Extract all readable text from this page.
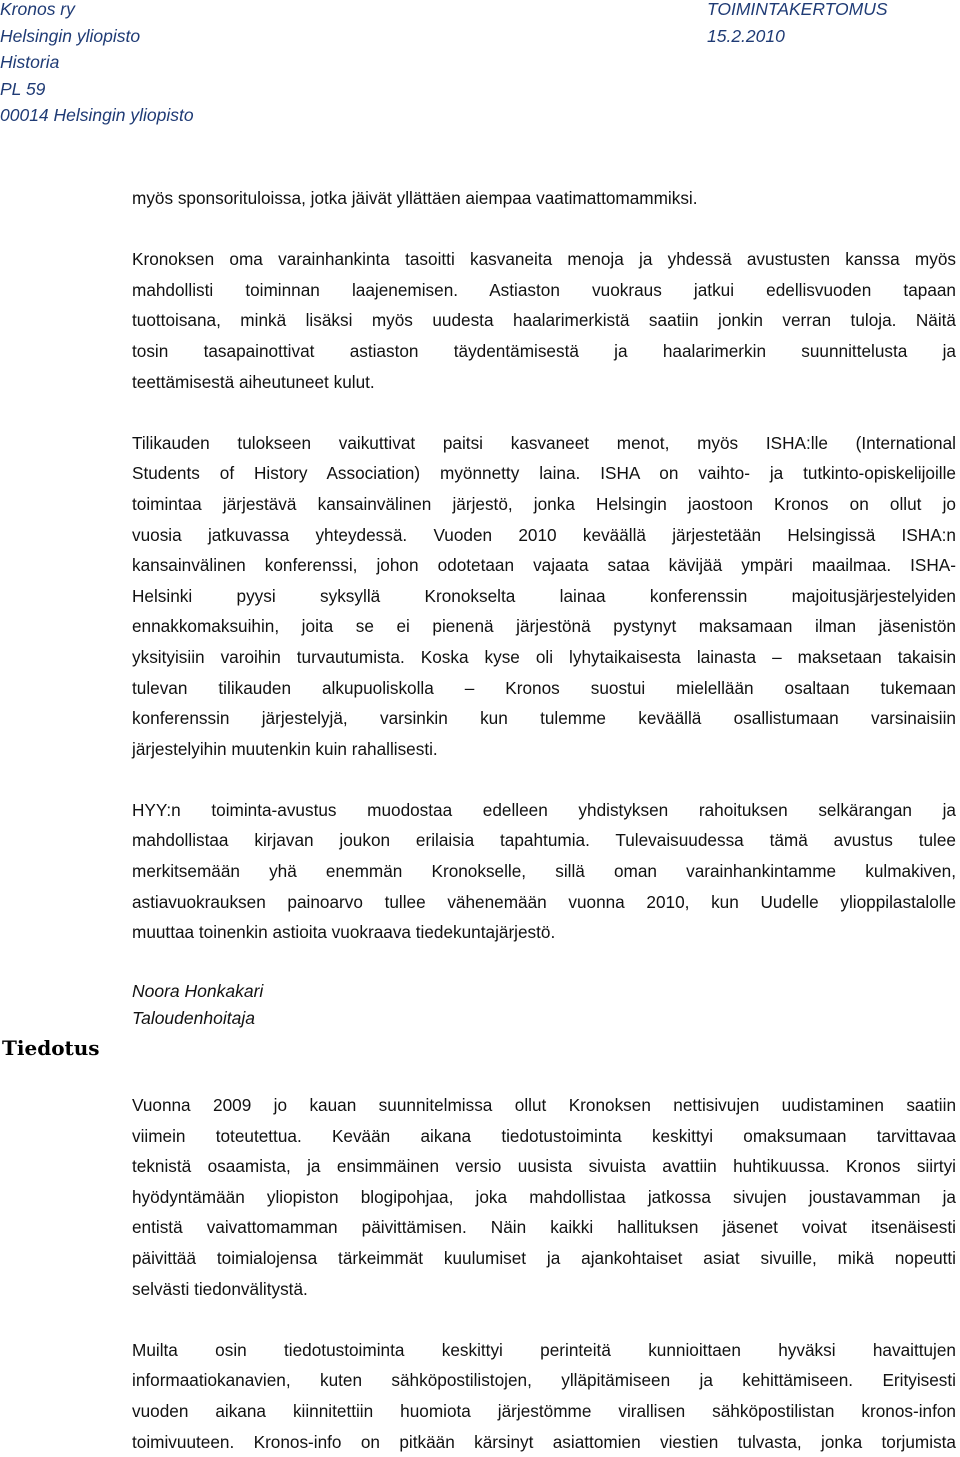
Kronos ry
Helsingin yliopisto
Historia
PL 59
00014 Helsingin yliopisto
TOIMINTAKERTOMUS
15.2.2010
myös sponsorituloissa, jotka jäivät yllättäen aiempaa vaatimattomammiksi.
Kronoksen oma varainhankinta tasoitti kasvaneita menoja ja yhdessä avustusten kanssa myös
mahdollisti toiminnan laajenemisen. Astiaston vuokraus jatkui edellisvuoden tapaan
tuottoisana, minkä lisäksi myös uudesta haalarimerkistä saatiin jonkin verran tuloja. Näitä
tosin tasapainottivat astiaston täydentämisestä ja haalarimerkin suunnittelusta ja
teettämisestä aiheutuneet kulut.
Tilikauden tulokseen vaikuttivat paitsi kasvaneet menot, myös ISHA:lle (International
Students of History Association) myönnetty laina. ISHA on vaihto- ja tutkinto-opiskelijoille
toimintaa järjestävä kansainvälinen järjestö, jonka Helsingin jaostoon Kronos on ollut jo
vuosia jatkuvassa yhteydessä. Vuoden 2010 keväällä järjestetään Helsingissä ISHA:n
kansainvälinen konferenssi, johon odotetaan vajaata sataa kävijää ympäri maailmaa. ISHA-
Helsinki pyysi syksyllä Kronokselta lainaa konferenssin majoitusjärjestelyiden
ennakkomaksuihin, joita se ei pienenä järjestönä pystynyt maksamaan ilman jäsenistön
yksityisiin varoihin turvautumista. Koska kyse oli lyhytaikaisesta lainasta – maksetaan takaisin
tulevan tilikauden alkupuoliskolla – Kronos suostui mielellään osaltaan tukemaan
konferenssin järjestelyjä, varsinkin kun tulemme keväällä osallistumaan varsinaisiin
järjestelyihin muutenkin kuin rahallisesti.
HYY:n toiminta-avustus muodostaa edelleen yhdistyksen rahoituksen selkärangan ja
mahdollistaa kirjavan joukon erilaisia tapahtumia. Tulevaisuudessa tämä avustus tulee
merkitsemään yhä enemmän Kronokselle, sillä oman varainhankintamme kulmakiven,
astiavuokrauksen painoarvo tullee vähenemään vuonna 2010, kun Uudelle ylioppilastalolle
muuttaa toinenkin astioita vuokraava tiedekuntajärjestö.
Noora Honkakari
Taloudenhoitaja
Tiedotus
Vuonna 2009 jo kauan suunnitelmissa ollut Kronoksen nettisivujen uudistaminen saatiin
viimein toteutettua. Kevään aikana tiedotustoiminta keskittyi omaksumaan tarvittavaa
teknistä osaamista, ja ensimmäinen versio uusista sivuista avattiin huhtikuussa. Kronos siirtyi
hyödyntämään yliopiston blogipohjaa, joka mahdollistaa jatkossa sivujen joustavamman ja
entistä vaivattomamman päivittämisen. Näin kaikki hallituksen jäsenet voivat itsenäisesti
päivittää toimialojensa tärkeimmät kuulumiset ja ajankohtaiset asiat sivuille, mikä nopeutti
selvästi tiedonvälitystä.
Muilta osin tiedotustoiminta keskittyi perinteitä kunnioittaen hyväksi havaittujen
informaatiokanavien, kuten sähköpostilistojen, ylläpitämiseen ja kehittämiseen. Erityisesti
vuoden aikana kiinnitettiin huomiota järjestömme virallisen sähköpostilistan kronos-infon
toimivuuteen. Kronos-info on pitkään kärsinyt asiattomien viestien tulvasta, jonka torjumista
